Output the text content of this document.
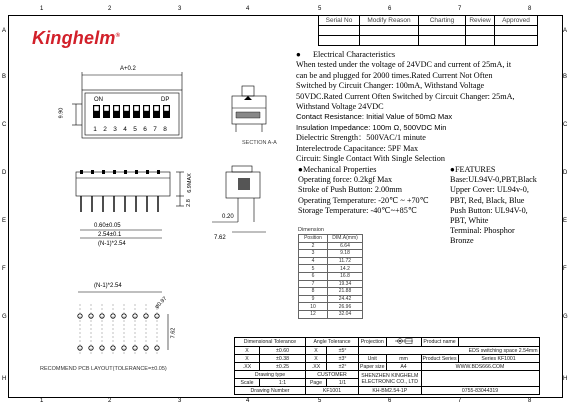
1	2	3	4	5	6	7	8
1	2	3	4	5	6	7	8
A
B
C
D
E
F
G
H
A
B
C
D
E
F
G
H
Serial No	Modify Reason	Charting	Review	Approved

Kinghelm®
A+0.2
ON	DP
1 2 3 4 5 6 7 8
9.90
SECTION A-A
0.60±0.05
2.54±0.1
(N-1)*2.54
2.8
6.9MAX
0.20
7.62
(N-1)*2.54
φ0.97
7.62
RECOMMEND PCB LAYOUT(TOLERANCE=±0.05)
● Electrical Characteristics
When tested under the voltage of 24VDC and current of 25mA, it
can be and plugged for 2000 times.Rated Current Not Often
Switched by Circuit Changer: 100mA, Withstand Voltage
50VDC.Rated Current Often Switched by Circuit Changer: 25mA,
Withstand Voltage 24VDC
Contact Resistance: Initial Value of 50mΩ Max
Insulation Impedance: 100m Ω, 500VDC Min
Dielectric Strength：500VAC/1 minute
Interelectrode Capacitance: 5PF Max
Circuit: Single Contact With Single Selection
●Mechanical Properties
Operating force: 0.2kgf Max
Stroke of Push Button: 2.00mm
Operating Temperature: -20℃ ~ +70℃
Storage Temperature: -40℃~+85℃
●FEATURES
Base:UL94V-0,PBT,Black
Upper Cover: UL94v-0,
PBT, Red, Black, Blue
Push Button: UL94V-0,
PBT, White
Terminal: Phosphor
Bronze
Dimension
Position	DIM.A(mm)
2	6.64
3	9.18
4	11.72
5	14.2
6	16.8
7	19.34
8	21.88
9	24.42
10	26.96
12	32.04
Dimensional Tolerance		Angle Tolerance		Projection		Product name	
X	±0.60	X	±5°	EDS switching space 2.54mm			
X	±0.38	X	±3°	Unit	mm	Product Series	Series KF1001
.XX	±0.25	.XX	±2°	Paper size	A4	WWW.BDS666.COM	
Drawing type		CUSTOMER		SHENZHEN KINGHELM ELECTRONIC CO., LTD			
Scale	1:1	Page	1/1				
Drawing Number		KF1001		KH-BM2.54-1P		0755-83044319	
